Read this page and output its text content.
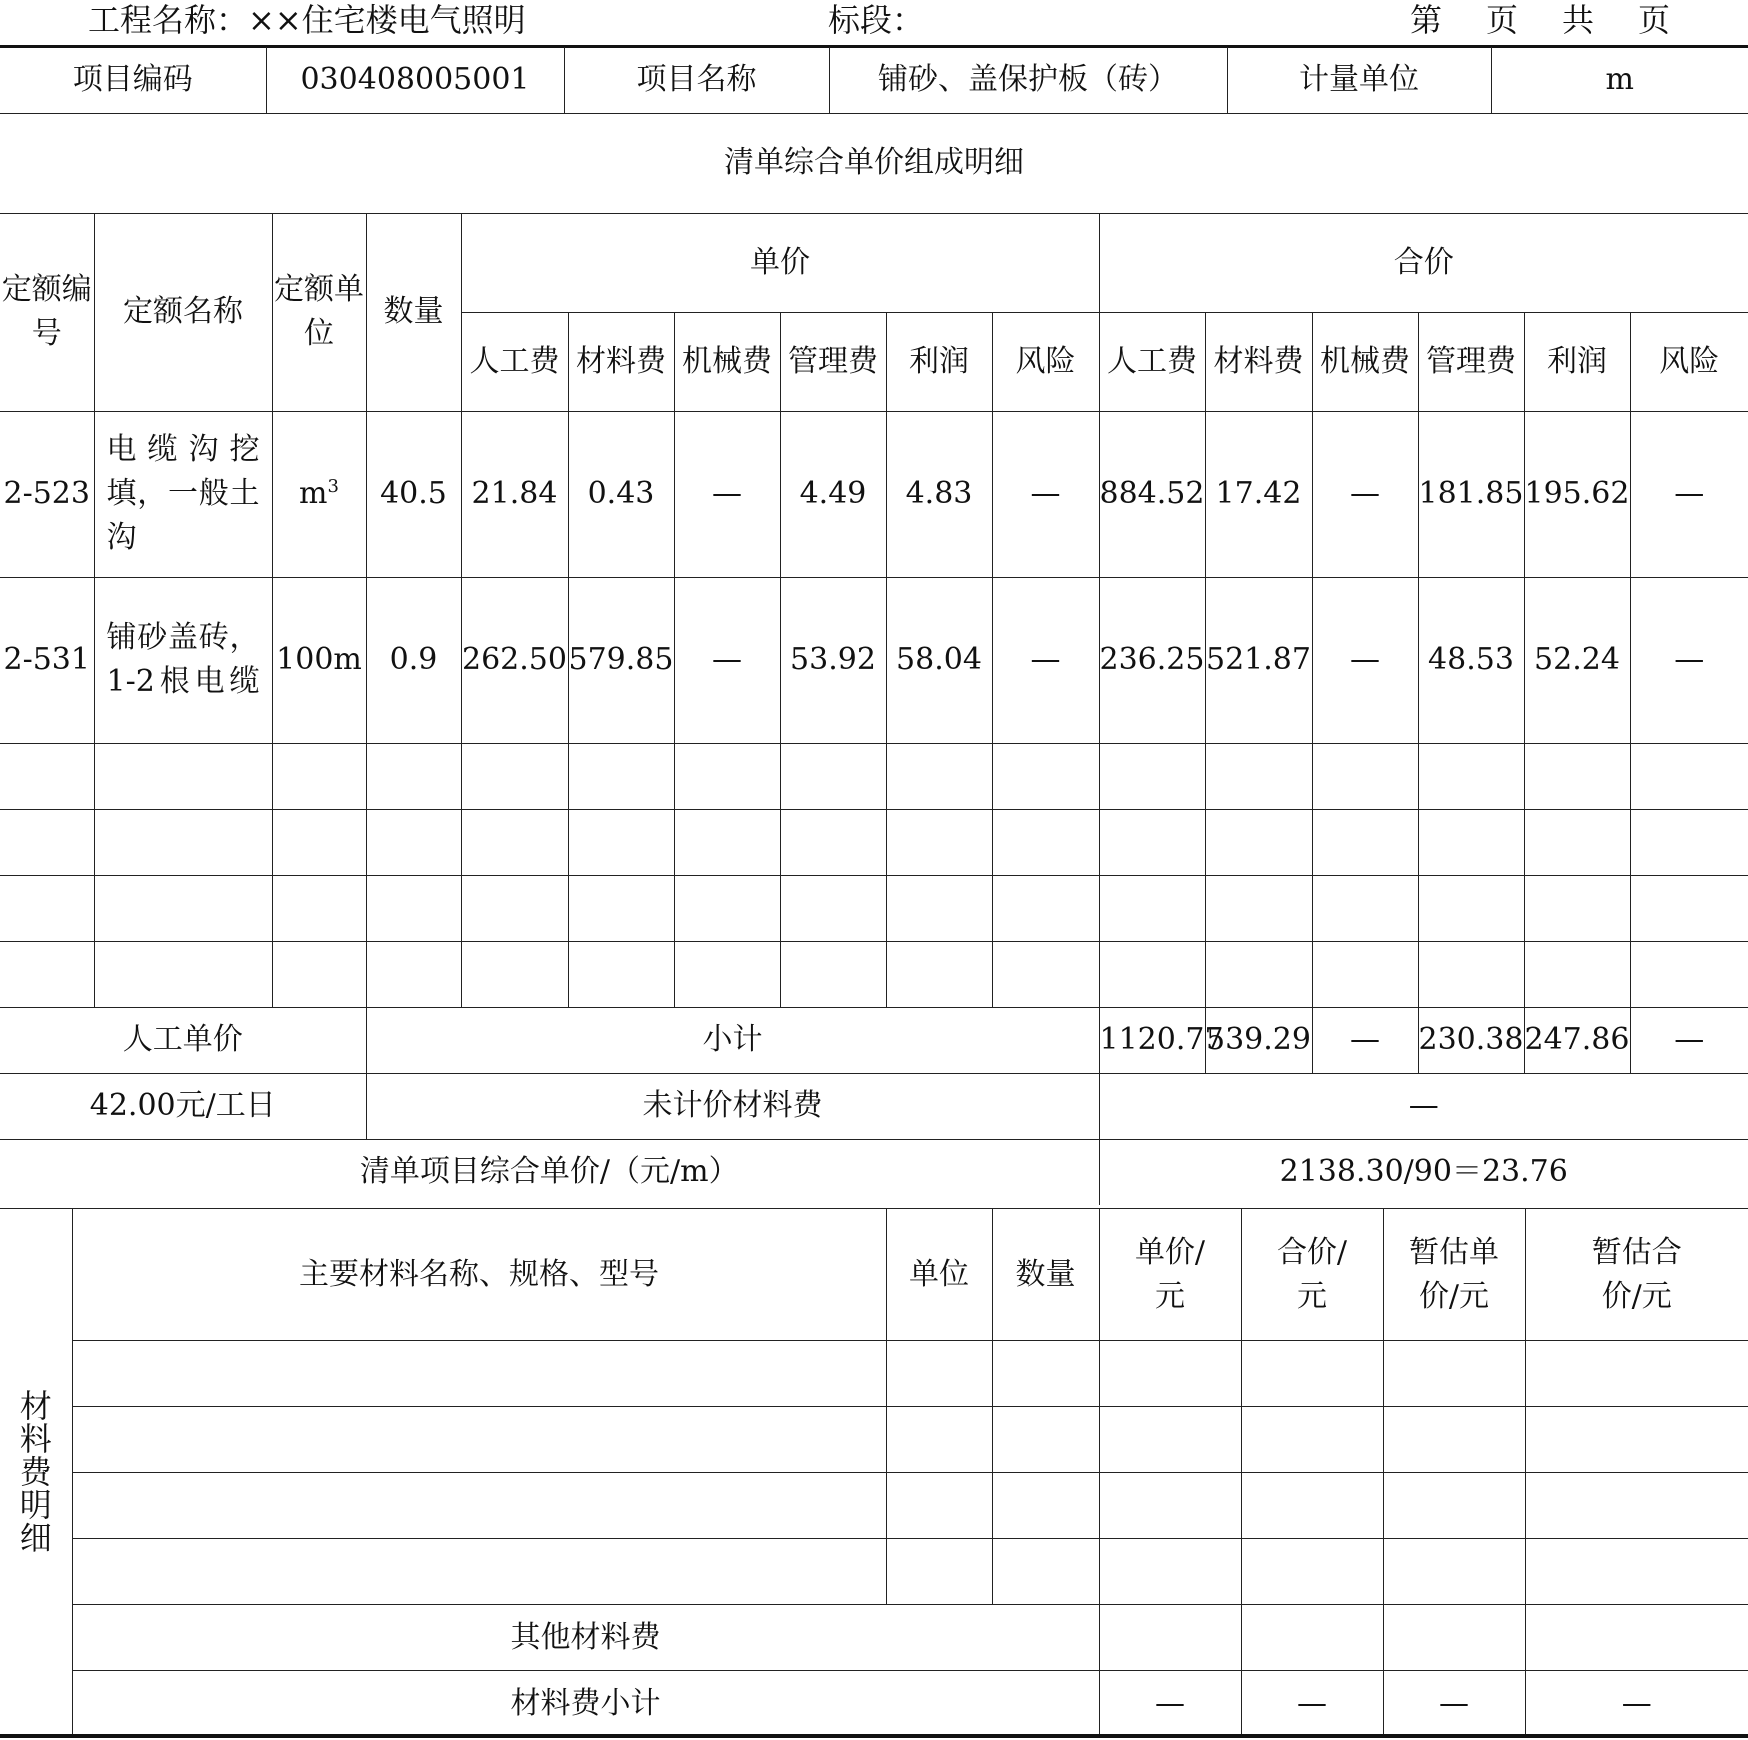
工程名称：××住宅楼电气照明	标段：	第　页　共　页
项目编码	030408005001	项目名称	铺砂、盖保护板（砖）	计量单位	m
清单综合单价组成明细															
定额编号	定额名称	定额单位	数量	单价						合价					
				人工费	材料费	机械费	管理费	利润	风险	人工费	材料费	机械费	管理费	利润	风险
2-523	电缆沟挖填，一般土沟	$m^3$	40.5	21.84	0.43	—	4.49	4.83	—	884.52	17.42	—	181.85	195.62	—
2-531	铺砂盖砖，1-2根电缆	100m	0.9	262.50	579.85	—	53.92	58.04	—	236.25	521.87	—	48.53	52.24	—

人工单价			小计							1120.77	539.29	—	230.38	247.86	—
42.00元/工日			未计价材料费							—					
清单项目综合单价/（元/m）										2138.30/90＝23.76					
材
料
费
明
细	主要材料名称、规格、型号	单位	数量	单价/元	合价/元	暂估单价/元	暂估合价/元

	其他材料费						
	材料费小计			—	—	—	—
